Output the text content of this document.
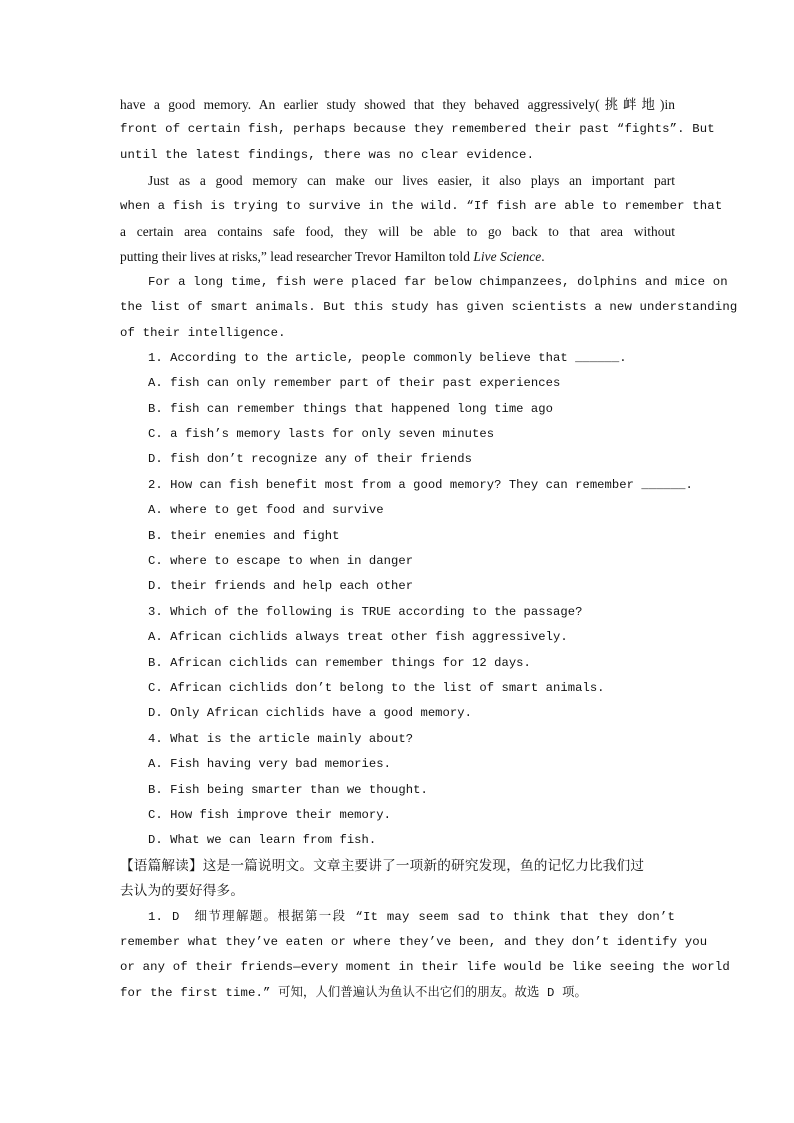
have a good memory. An earlier study showed that they behaved aggressively(挑衅地)in
front of certain fish, perhaps because they remembered their past “fights”. But
until the latest findings, there was no clear evidence.
Just as a good memory can make our lives easier, it also plays an important part
when a fish is trying to survive in the wild. “If fish are able to remember that
a certain area contains safe food, they will be able to go back to that area without
putting their lives at risks,” lead researcher Trevor Hamilton told Live Science.
For a long time, fish were placed far below chimpanzees, dolphins and mice on
the list of smart animals. But this study has given scientists a new understanding
of their intelligence.
1. According to the article, people commonly believe that ______.
A. fish can only remember part of their past experiences
B. fish can remember things that happened long time ago
C. a fish’s memory lasts for only seven minutes
D. fish don’t recognize any of their friends
2. How can fish benefit most from a good memory? They can remember ______.
A. where to get food and survive
B. their enemies and fight
C. where to escape to when in danger
D. their friends and help each other
3. Which of the following is TRUE according to the passage?
A. African cichlids always treat other fish aggressively.
B. African cichlids can remember things for 12 days.
C. African cichlids don’t belong to the list of smart animals.
D. Only African cichlids have a good memory.
4. What is the article mainly about?
A. Fish having very bad memories.
B. Fish being smarter than we thought.
C. How fish improve their memory.
D. What we can learn from fish.
【语篇解读】这是一篇说明文。文章主要讲了一项新的研究发现，鱼的记忆力比我们过
去认为的要好得多。
1. D　细节理解题。根据第一段 “It may seem sad to think that they don’t
remember what they’ve eaten or where they’ve been, and they don’t identify you
or any of their friends—every moment in their life would be like seeing the world
for the first time.” 可知，人们普遍认为鱼认不出它们的朋友。故选 D 项。
